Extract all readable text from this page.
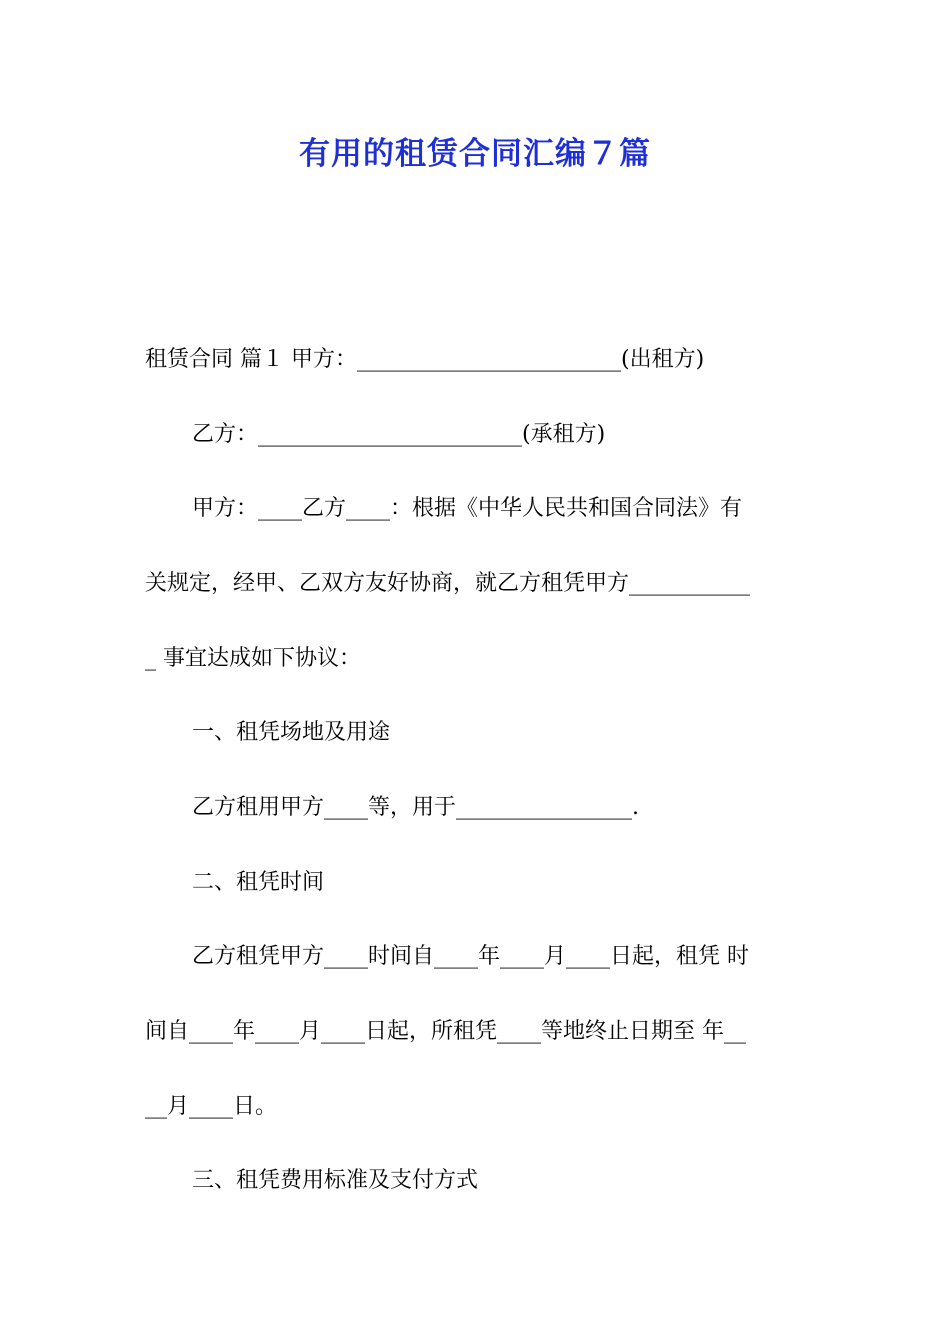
有用的租赁合同汇编７篇
租赁合同 篇１ 甲方：________________________(出租方)
乙方：________________________(承租方)
甲方：____乙方____：根据《中华人民共和国合同法》有
关规定，经甲、乙双方友好协商，就乙方租凭甲方___________
_ 事宜达成如下协议：
一、租凭场地及用途
乙方租用甲方____等，用于________________.
二、租凭时间
乙方租凭甲方____时间自____年____月____日起，租凭 时
间自____年____月____日起，所租凭____等地终止日期至 年__
__月____日。
三、租凭费用标准及支付方式
